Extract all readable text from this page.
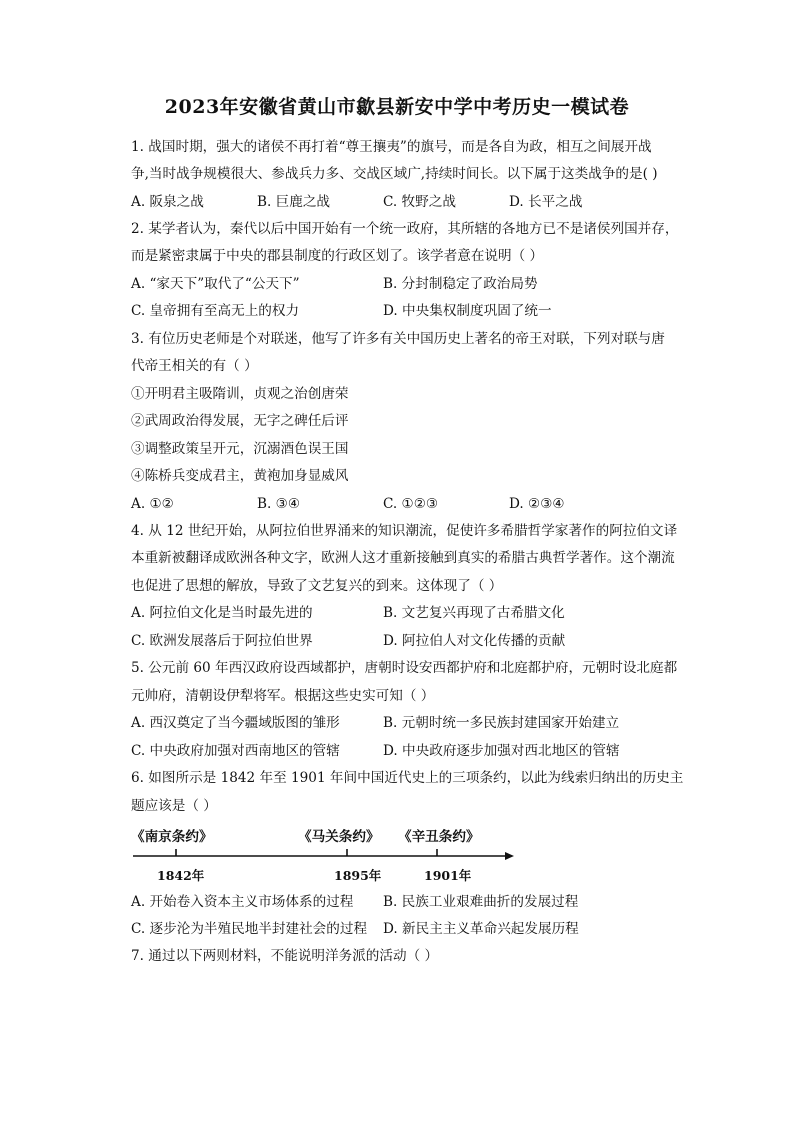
2023年安徽省黄山市歙县新安中学中考历史一模试卷
1. 战国时期，强大的诸侯不再打着“尊王攘夷”的旗号，而是各自为政，相互之间展开战
争,当时战争规模很大、参战兵力多、交战区域广,持续时间长。以下属于这类战争的是( )
A. 阪泉之战	B. 巨鹿之战	C. 牧野之战	D. 长平之战
2. 某学者认为，秦代以后中国开始有一个统一政府，其所辖的各地方已不是诸侯列国并存，
而是紧密隶属于中央的郡县制度的行政区划了。该学者意在说明（ ）
A. “家天下”取代了“公天下”	B. 分封制稳定了政治局势
C. 皇帝拥有至高无上的权力	D. 中央集权制度巩固了统一
3. 有位历史老师是个对联迷，他写了许多有关中国历史上著名的帝王对联，下列对联与唐
代帝王相关的有（ ）
①开明君主吸隋训，贞观之治创唐荣
②武周政治得发展，无字之碑任后评
③调整政策呈开元，沉溺酒色误王国
④陈桥兵变成君主，黄袍加身显威风
A. ①②	B. ③④	C. ①②③	D. ②③④
4. 从 12 世纪开始，从阿拉伯世界涌来的知识潮流，促使许多希腊哲学家著作的阿拉伯文译
本重新被翻译成欧洲各种文字，欧洲人这才重新接触到真实的希腊古典哲学著作。这个潮流
也促进了思想的解放，导致了文艺复兴的到来。这体现了（ ）
A. 阿拉伯文化是当时最先进的	B. 文艺复兴再现了古希腊文化
C. 欧洲发展落后于阿拉伯世界	D. 阿拉伯人对文化传播的贡献
5. 公元前 60 年西汉政府设西域都护，唐朝时设安西都护府和北庭都护府，元朝时设北庭都
元帅府，清朝设伊犁将军。根据这些史实可知（ ）
A. 西汉奠定了当今疆域版图的雏形	B. 元朝时统一多民族封建国家开始建立
C. 中央政府加强对西南地区的管辖	D. 中央政府逐步加强对西北地区的管辖
6. 如图所示是 1842 年至 1901 年间中国近代史上的三项条约，以此为线索归纳出的历史主
题应该是（ ）
《南京条约》	《马关条约》 《辛丑条约》
1842年	1895年	1901年
A. 开始卷入资本主义市场体系的过程 B. 民族工业艰难曲折的发展过程
C. 逐步沦为半殖民地半封建社会的过程 D. 新民主主义革命兴起发展历程
7. 通过以下两则材料，不能说明洋务派的活动（ ）
